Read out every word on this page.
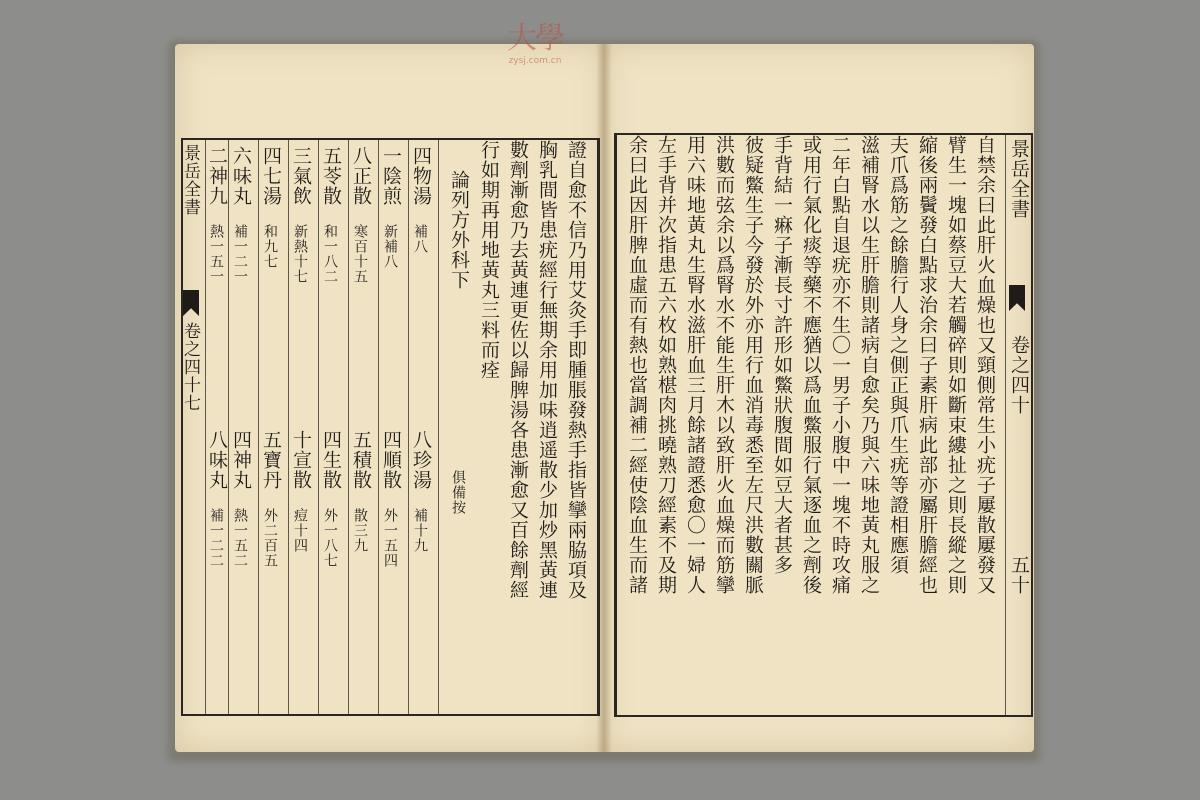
大學
zysj.com.cn
景岳全書
卷之四十
五十
自禁余曰此肝火血燥也又頸側常生小疣子屢散屢發又
臂生一塊如蔡豆大若觸碎則如斷束縷扯之則長縱之則
縮後兩鬢發白點求治余曰子素肝病此部亦屬肝膽經也
夫爪爲筋之餘膽行人身之側正與爪生疣等證相應須
滋補腎水以生肝膽則諸病自愈矣乃與六味地黃丸服之
二年白點自退疣亦不生〇一男子小腹中一塊不時攻痛
或用行氣化痰等藥不應猶以爲血鱉服行氣逐血之劑後
手背結一痳子漸長寸許形如鱉狀腹間如豆大者甚多
彼疑鱉生子今發於外亦用行血消毒悉至左尺洪數關脈
洪數而弦余以爲腎水不能生肝木以致肝火血燥而筋攣
用六味地黃丸生腎水滋肝血三月餘諸證悉愈〇一婦人
左手背并次指患五六枚如熟椹肉挑曉熟刀經素不及期
余曰此因肝脾血虛而有熱也當調補二經使陰血生而諸
證自愈不信乃用艾灸手即腫脹發熱手指皆攣兩脇項及
胸乳間皆患疣經行無期余用加味逍遥散少加炒黑黃連
數劑漸愈乃去黃連更佐以歸脾湯各患漸愈又百餘劑經
行如期再用地黃丸三料而痊
論列方外科下
俱備按
四物湯
補八
一陰煎
新補八
八正散
寒百十五
五苓散
和一八二
三氣飲
新熱十七
四七湯
和九七
六味丸
補一二一
二神九
熱一五一
八珍湯
補十九
四順散
外一五四
五積散
散三九
四生散
外一八七
十宣散
痘十四
五寶丹
外二百五
四神丸
熱一五二
八味丸
補一二二
景岳全書
卷之四十七
